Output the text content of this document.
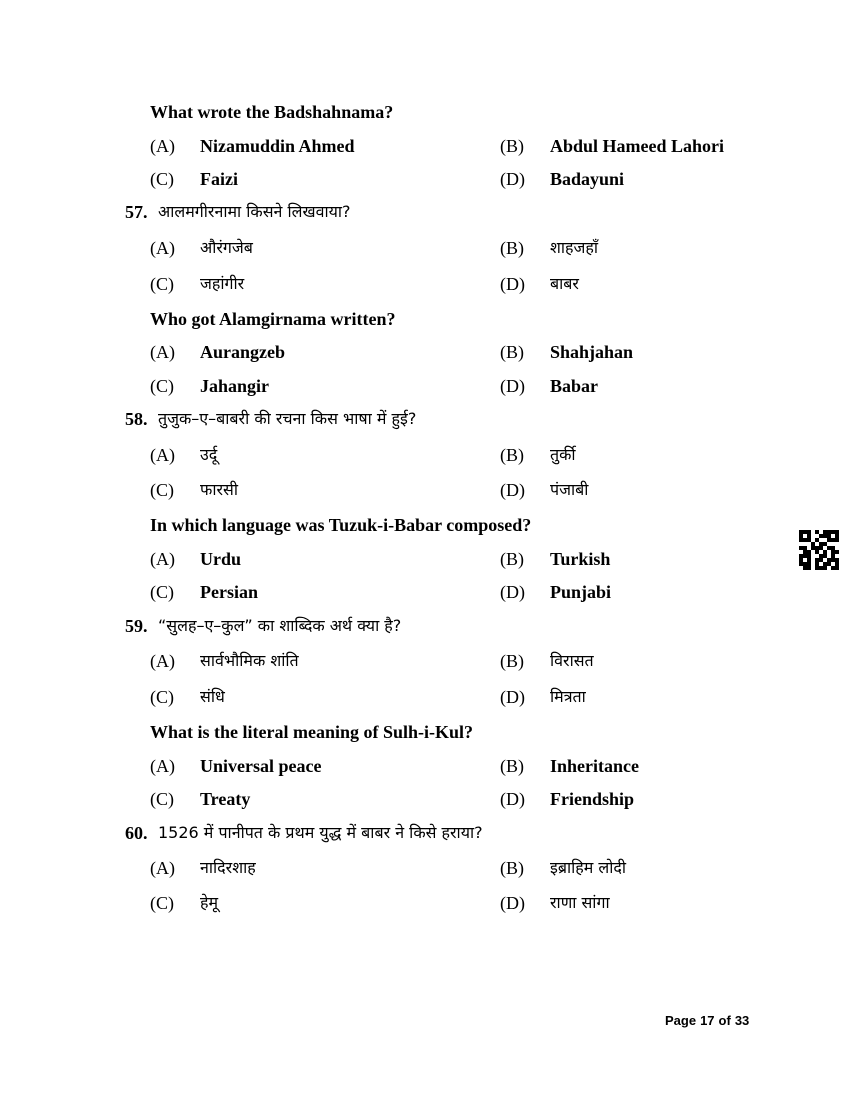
What wrote the Badshahnama?
(A) Nizamuddin Ahmed	(B) Abdul Hameed Lahori
(C) Faizi	(D) Badayuni
57. आलमगीरनामा किसने लिखवाया?
(A) औरंगजेब	(B) शाहजहाँ
(C) जहांगीर	(D) बाबर
Who got Alamgirnama written?
(A) Aurangzeb	(B) Shahjahan
(C) Jahangir	(D) Babar
58. तुजुक–ए–बाबरी की रचना किस भाषा में हुई?
(A) उर्दू	(B) तुर्की
(C) फारसी	(D) पंजाबी
In which language was Tuzuk-i-Babar composed?
(A) Urdu	(B) Turkish
(C) Persian	(D) Punjabi
59. “सुलह–ए–कुल” का शाब्दिक अर्थ क्या है?
(A) सार्वभौमिक शांति	(B) विरासत
(C) संधि	(D) मित्रता
What is the literal meaning of Sulh-i-Kul?
(A) Universal peace	(B) Inheritance
(C) Treaty	(D) Friendship
60. 1526 में पानीपत के प्रथम युद्ध में बाबर ने किसे हराया?
(A) नादिरशाह	(B) इब्राहिम लोदी
(C) हेमू	(D) राणा सांगा
Page 17 of 33
